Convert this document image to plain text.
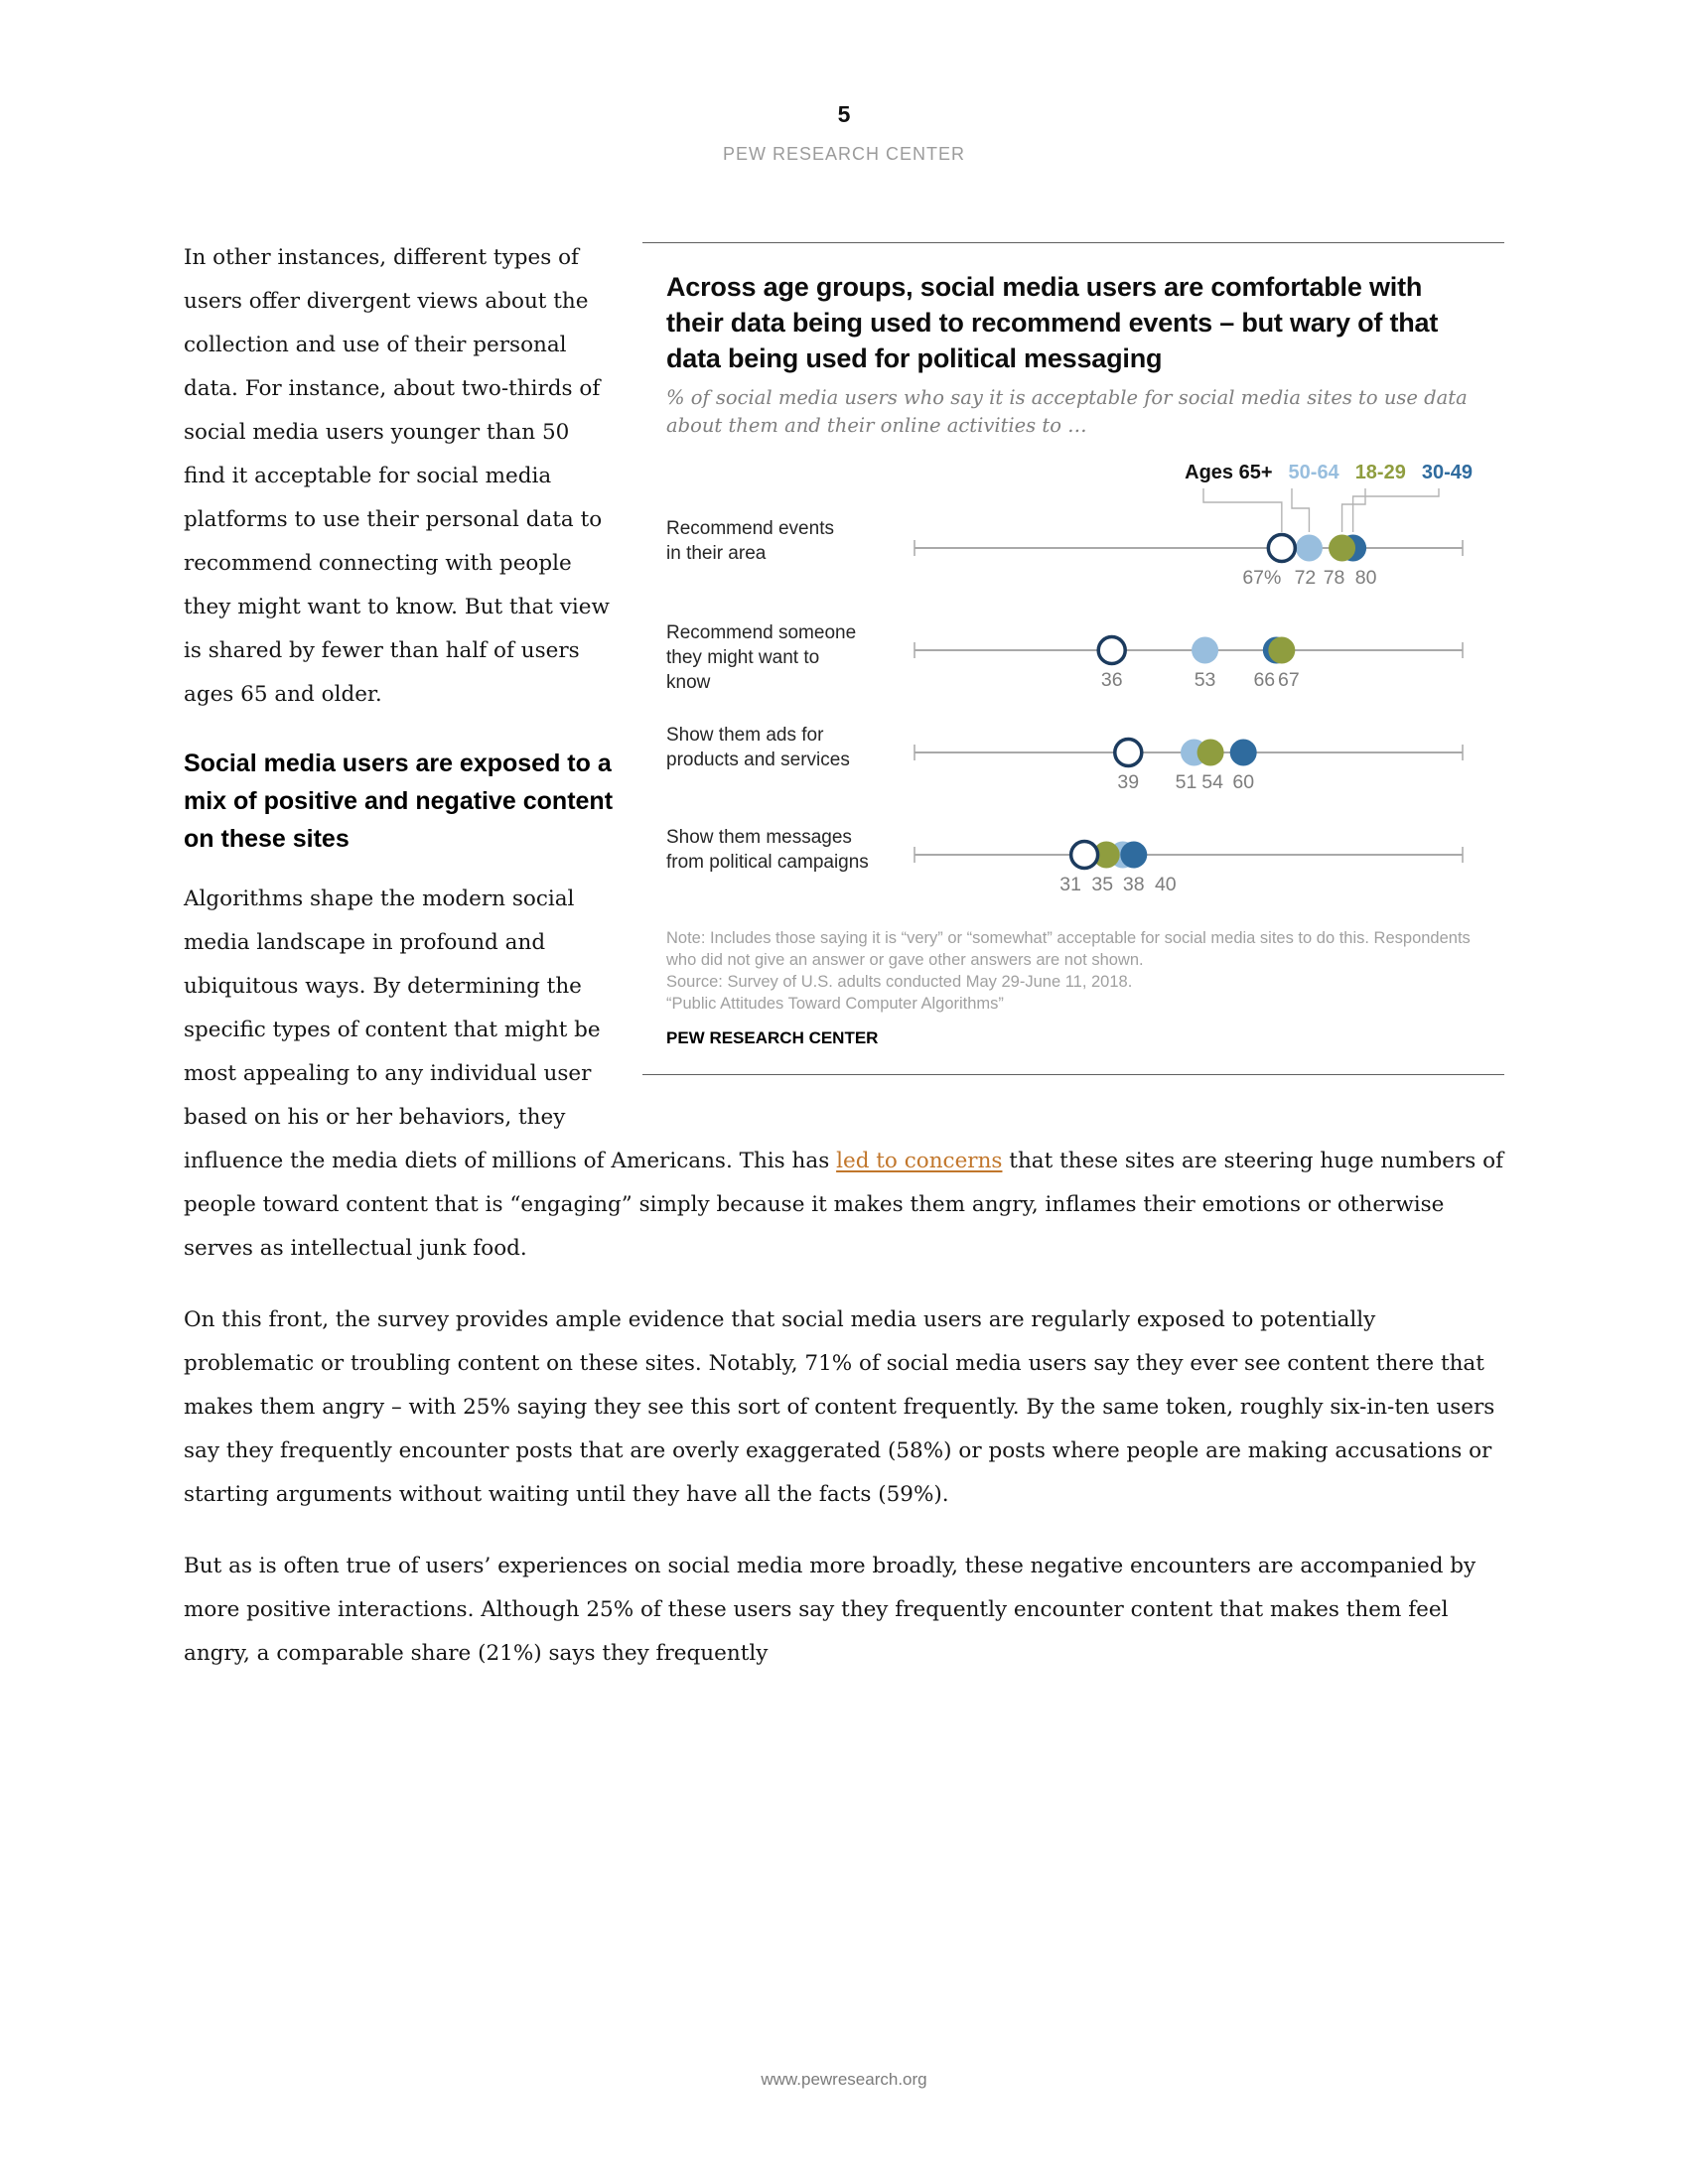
5
PEW RESEARCH CENTER
Across age groups, social media users are comfortable with their data being used to recommend events – but wary of that data being used for political messaging
% of social media users who say it is acceptable for social media sites to use data about them and their online activities to …
Ages 65+ 50-64 18-29 30-49
Recommend events
in their area
67% 72 78 80
Recommend someone
they might want to
know	36	53	67
66
Show them ads for
products and services
39 51 54 60
Show them messages
from political campaigns
31 38
35 40
Note: Includes those saying it is “very” or “somewhat” acceptable for social media sites to do this. Respondents who did not give an answer or gave other answers are not shown.
Source: Survey of U.S. adults conducted May 29-June 11, 2018.
“Public Attitudes Toward Computer Algorithms”
PEW RESEARCH CENTER

In other instances, different types of users offer divergent views about the collection and use of their personal data. For instance, about two-thirds of social media users younger than 50 find it acceptable for social media platforms to use their personal data to recommend connecting with people they might want to know. But that view is shared by fewer than half of users ages 65 and older.

Social media users are exposed to a mix of positive and negative content on these sites

Algorithms shape the modern social media landscape in profound and ubiquitous ways. By determining the specific types of content that might be most appealing to any individual user based on his or her behaviors, they influence the media diets of millions of Americans. This has led to concerns that these sites are steering huge numbers of people toward content that is “engaging” simply because it makes them angry, inflames their emotions or otherwise serves as intellectual junk food.

On this front, the survey provides ample evidence that social media users are regularly exposed to potentially problematic or troubling content on these sites. Notably, 71% of social media users say they ever see content there that makes them angry – with 25% saying they see this sort of content frequently. By the same token, roughly six-in-ten users say they frequently encounter posts that are overly exaggerated (58%) or posts where people are making accusations or starting arguments without waiting until they have all the facts (59%).

But as is often true of users’ experiences on social media more broadly, these negative encounters are accompanied by more positive interactions. Although 25% of these users say they frequently encounter content that makes them feel angry, a comparable share (21%) says they frequently

www.pewresearch.org
